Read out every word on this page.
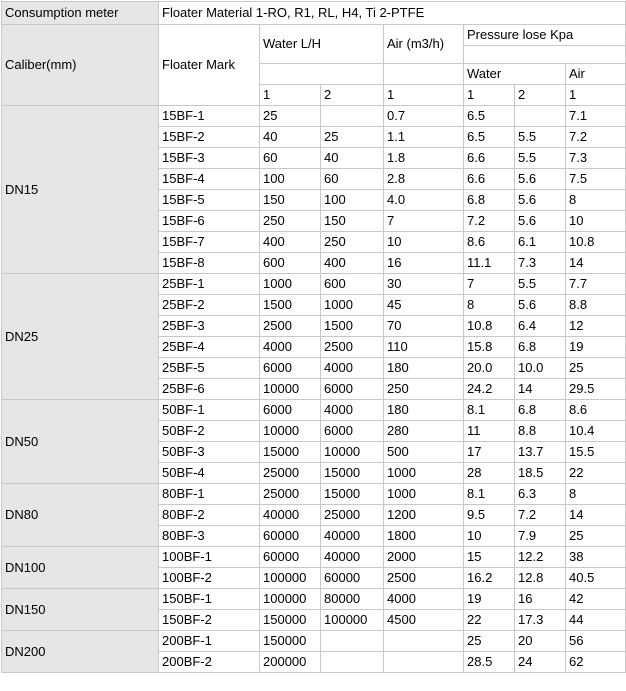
Consumption meter	Floater Material 1-RO, R1, RL, H4, Ti 2-PTFE						
Caliber(mm)	Floater Mark	Water L/H		Air (m3/h)	Pressure lose Kpa		

					Water		Air
		1	2	1	1	2	1
DN15	15BF-1	25		0.7	6.5		7.1
	15BF-2	40	25	1.1	6.5	5.5	7.2
	15BF-3	60	40	1.8	6.6	5.5	7.3
	15BF-4	100	60	2.8	6.6	5.6	7.5
	15BF-5	150	100	4.0	6.8	5.6	8
	15BF-6	250	150	7	7.2	5.6	10
	15BF-7	400	250	10	8.6	6.1	10.8
	15BF-8	600	400	16	11.1	7.3	14
DN25	25BF-1	1000	600	30	7	5.5	7.7
	25BF-2	1500	1000	45	8	5.6	8.8
	25BF-3	2500	1500	70	10.8	6.4	12
	25BF-4	4000	2500	110	15.8	6.8	19
	25BF-5	6000	4000	180	20.0	10.0	25
	25BF-6	10000	6000	250	24.2	14	29.5
DN50	50BF-1	6000	4000	180	8.1	6.8	8.6
	50BF-2	10000	6000	280	11	8.8	10.4
	50BF-3	15000	10000	500	17	13.7	15.5
	50BF-4	25000	15000	1000	28	18.5	22
DN80	80BF-1	25000	15000	1000	8.1	6.3	8
	80BF-2	40000	25000	1200	9.5	7.2	14
	80BF-3	60000	40000	1800	10	7.9	25
DN100	100BF-1	60000	40000	2000	15	12.2	38
	100BF-2	100000	60000	2500	16.2	12.8	40.5
DN150	150BF-1	100000	80000	4000	19	16	42
	150BF-2	150000	100000	4500	22	17.3	44
DN200	200BF-1	150000			25	20	56
	200BF-2	200000			28.5	24	62
